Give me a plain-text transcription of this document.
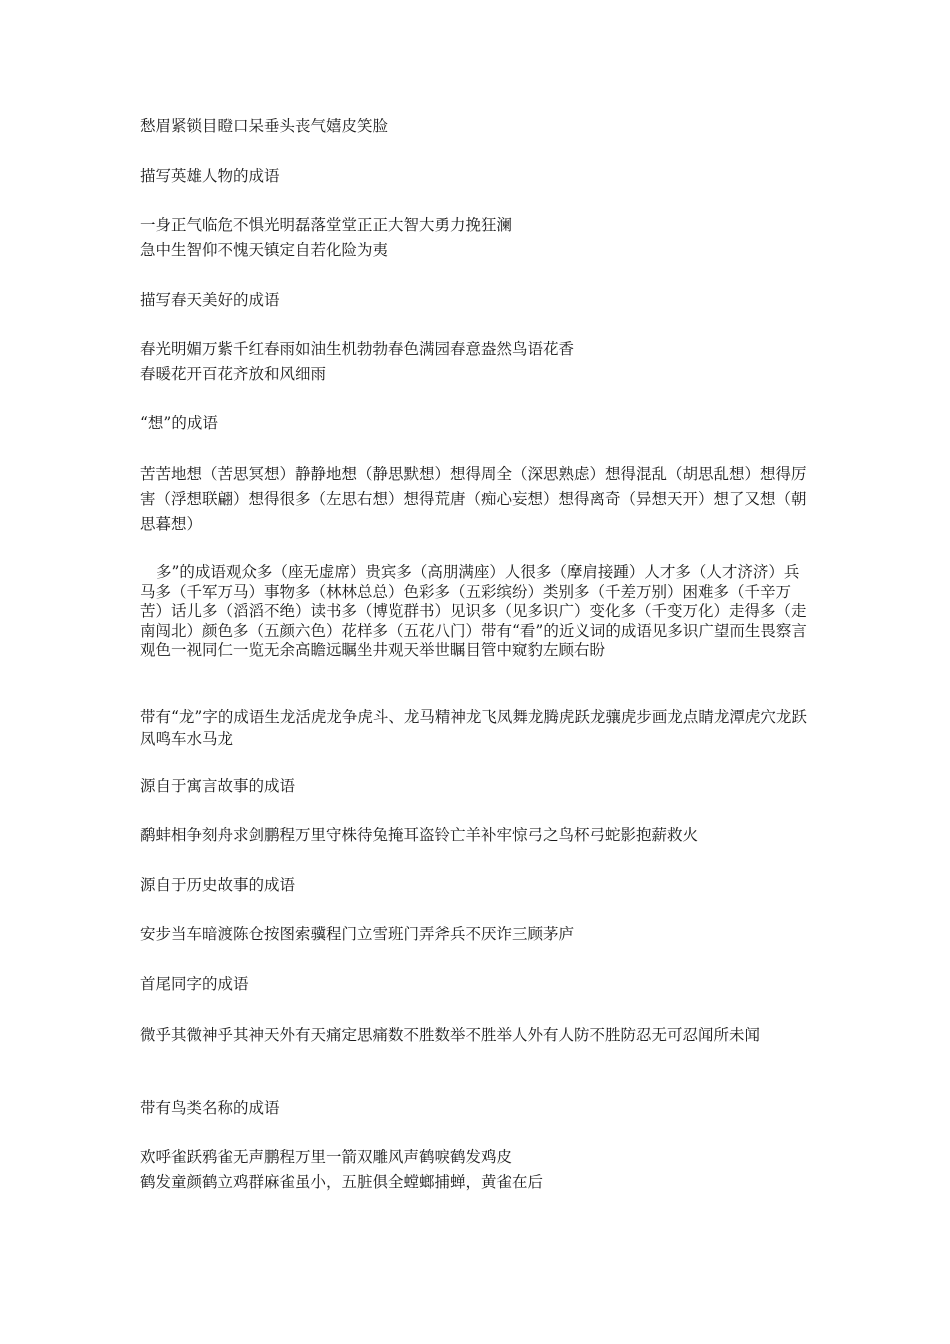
愁眉紧锁目瞪口呆垂头丧气嬉皮笑脸

描写英雄人物的成语

一身正气临危不惧光明磊落堂堂正正大智大勇力挽狂澜

急中生智仰不愧天镇定自若化险为夷

描写春天美好的成语

春光明媚万紫千红春雨如油生机勃勃春色满园春意盎然鸟语花香

春暖花开百花齐放和风细雨

“想”的成语

苦苦地想（苦思冥想）静静地想（静思默想）想得周全（深思熟虑）想得混乱（胡思乱想）想得厉害（浮想联翩）想得很多（左思右想）想得荒唐（痴心妄想）想得离奇（异想天开）想了又想（朝思暮想）

多”的成语观众多（座无虚席）贵宾多（高朋满座）人很多（摩肩接踵）人才多（人才济济）兵马多（千军万马）事物多（林林总总）色彩多（五彩缤纷）类别多（千差万别）困难多（千辛万苦）话儿多（滔滔不绝）读书多（博览群书）见识多（见多识广）变化多（千变万化）走得多（走南闯北）颜色多（五颜六色）花样多（五花八门）带有“看”的近义词的成语见多识广望而生畏察言观色一视同仁一览无余高瞻远瞩坐井观天举世瞩目管中窥豹左顾右盼

带有“龙”字的成语生龙活虎龙争虎斗、龙马精神龙飞凤舞龙腾虎跃龙骧虎步画龙点睛龙潭虎穴龙跃凤鸣车水马龙

源自于寓言故事的成语

鹬蚌相争刻舟求剑鹏程万里守株待兔掩耳盗铃亡羊补牢惊弓之鸟杯弓蛇影抱薪救火

源自于历史故事的成语

安步当车暗渡陈仓按图索骥程门立雪班门弄斧兵不厌诈三顾茅庐

首尾同字的成语

微乎其微神乎其神天外有天痛定思痛数不胜数举不胜举人外有人防不胜防忍无可忍闻所未闻

带有鸟类名称的成语

欢呼雀跃鸦雀无声鹏程万里一箭双雕风声鹤唳鹤发鸡皮

鹤发童颜鹤立鸡群麻雀虽小，五脏俱全螳螂捕蝉，黄雀在后
